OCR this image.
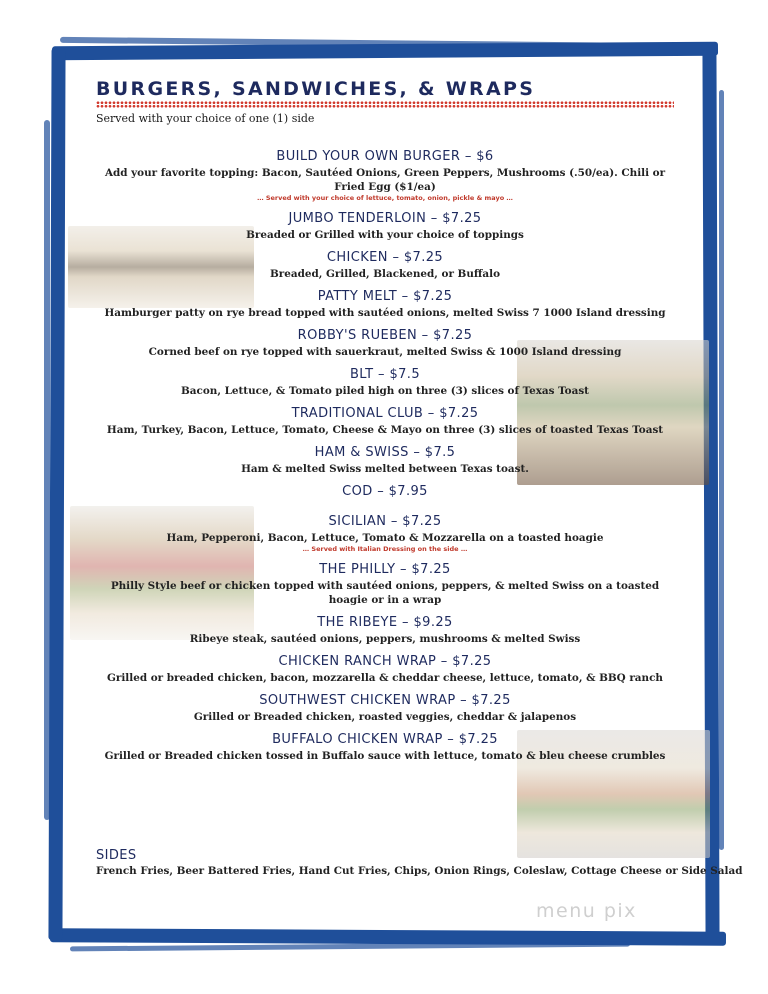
BURGERS, SANDWICHES, & WRAPS
Served with your choice of one (1) side
BUILD YOUR OWN BURGER – $6
Add your favorite topping: Bacon, Sautéed Onions, Green Peppers, Mushrooms (.50/ea). Chili or Fried Egg ($1/ea)
… Served with your choice of lettuce, tomato, onion, pickle & mayo …
JUMBO TENDERLOIN – $7.25
Breaded or Grilled with your choice of toppings
CHICKEN – $7.25
Breaded, Grilled, Blackened, or Buffalo
PATTY MELT – $7.25
Hamburger patty on rye bread topped with sautéed onions, melted Swiss 7 1000 Island dressing
ROBBY'S RUEBEN – $7.25
Corned beef on rye topped with sauerkraut, melted Swiss & 1000 Island dressing
BLT – $7.5
Bacon, Lettuce, & Tomato piled high on three (3) slices of Texas Toast
TRADITIONAL CLUB – $7.25
Ham, Turkey, Bacon, Lettuce, Tomato, Cheese & Mayo on three (3) slices of toasted Texas Toast
HAM & SWISS – $7.5
Ham & melted Swiss melted between Texas toast.
COD – $7.95
SICILIAN – $7.25
Ham, Pepperoni, Bacon, Lettuce, Tomato & Mozzarella on a toasted hoagie
… Served with Italian Dressing on the side …
THE PHILLY – $7.25
Philly Style beef or chicken topped with sautéed onions, peppers, & melted Swiss on a toasted hoagie or in a wrap
THE RIBEYE – $9.25
Ribeye steak, sautéed onions, peppers, mushrooms & melted Swiss
CHICKEN RANCH WRAP – $7.25
Grilled or breaded chicken, bacon, mozzarella & cheddar cheese, lettuce, tomato, & BBQ ranch
SOUTHWEST CHICKEN WRAP – $7.25
Grilled or Breaded chicken, roasted veggies, cheddar & jalapenos
BUFFALO CHICKEN WRAP – $7.25
Grilled or Breaded chicken tossed in Buffalo sauce with lettuce, tomato & bleu cheese crumbles
SIDES
French Fries, Beer Battered Fries, Hand Cut Fries, Chips, Onion Rings, Coleslaw, Cottage Cheese or Side Salad
menu pix
